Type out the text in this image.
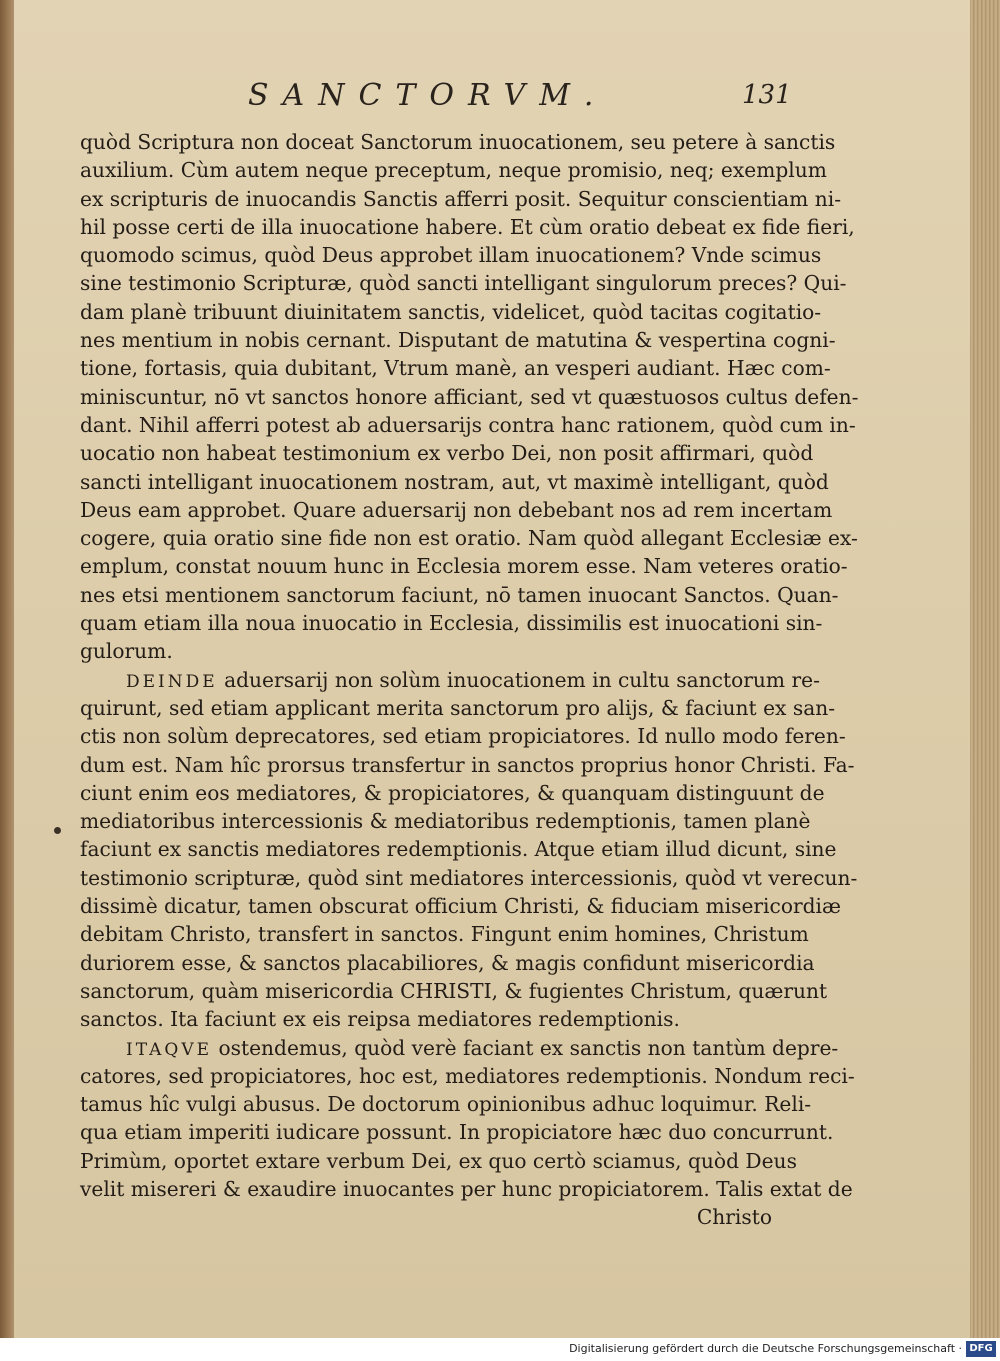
SANCTORVM.	131
quòd Scriptura non doceat Sanctorum inuocationem, seu petere à sanctis
auxilium. Cùm autem neque preceptum, neque promisio, neq; exemplum
ex scripturis de inuocandis Sanctis afferri posit. Sequitur conscientiam ni-
hil posse certi de illa inuocatione habere. Et cùm oratio debeat ex fide fieri,
quomodo scimus, quòd Deus approbet illam inuocationem? Vnde scimus
sine testimonio Scripturæ, quòd sancti intelligant singulorum preces? Qui-
dam planè tribuunt diuinitatem sanctis, videlicet, quòd tacitas cogitatio-
nes mentium in nobis cernant. Disputant de matutina & vespertina cogni-
tione, fortasis, quia dubitant, Vtrum manè, an vesperi audiant. Hæc com-
miniscuntur, nō vt sanctos honore afficiant, sed vt quæstuosos cultus defen-
dant. Nihil afferri potest ab aduersarijs contra hanc rationem, quòd cum in-
uocatio non habeat testimonium ex verbo Dei, non posit affirmari, quòd
sancti intelligant inuocationem nostram, aut, vt maximè intelligant, quòd
Deus eam approbet. Quare aduersarij non debebant nos ad rem incertam
cogere, quia oratio sine fide non est oratio. Nam quòd allegant Ecclesiæ ex-
emplum, constat nouum hunc in Ecclesia morem esse. Nam veteres oratio-
nes etsi mentionem sanctorum faciunt, nō tamen inuocant Sanctos. Quan-
quam etiam illa noua inuocatio in Ecclesia, dissimilis est inuocationi sin-
gulorum.
DEINDE aduersarij non solùm inuocationem in cultu sanctorum re-
quirunt, sed etiam applicant merita sanctorum pro alijs, & faciunt ex san-
ctis non solùm deprecatores, sed etiam propiciatores. Id nullo modo feren-
dum est. Nam hîc prorsus transfertur in sanctos proprius honor Christi. Fa-
ciunt enim eos mediatores, & propiciatores, & quanquam distinguunt de
mediatoribus intercessionis & mediatoribus redemptionis, tamen planè
faciunt ex sanctis mediatores redemptionis. Atque etiam illud dicunt, sine
testimonio scripturæ, quòd sint mediatores intercessionis, quòd vt verecun-
dissimè dicatur, tamen obscurat officium Christi, & fiduciam misericordiæ
debitam Christo, transfert in sanctos. Fingunt enim homines, Christum
duriorem esse, & sanctos placabiliores, & magis confidunt misericordia
sanctorum, quàm misericordia CHRISTI, & fugientes Christum, quærunt
sanctos. Ita faciunt ex eis reipsa mediatores redemptionis.
ITAQVE ostendemus, quòd verè faciant ex sanctis non tantùm depre-
catores, sed propiciatores, hoc est, mediatores redemptionis. Nondum reci-
tamus hîc vulgi abusus. De doctorum opinionibus adhuc loquimur. Reli-
qua etiam imperiti iudicare possunt. In propiciatore hæc duo concurrunt.
Primùm, oportet extare verbum Dei, ex quo certò sciamus, quòd Deus
velit misereri & exaudire inuocantes per hunc propiciatorem. Talis extat de
Christo
Digitalisierung gefördert durch die Deutsche Forschungsgemeinschaft · DFG
